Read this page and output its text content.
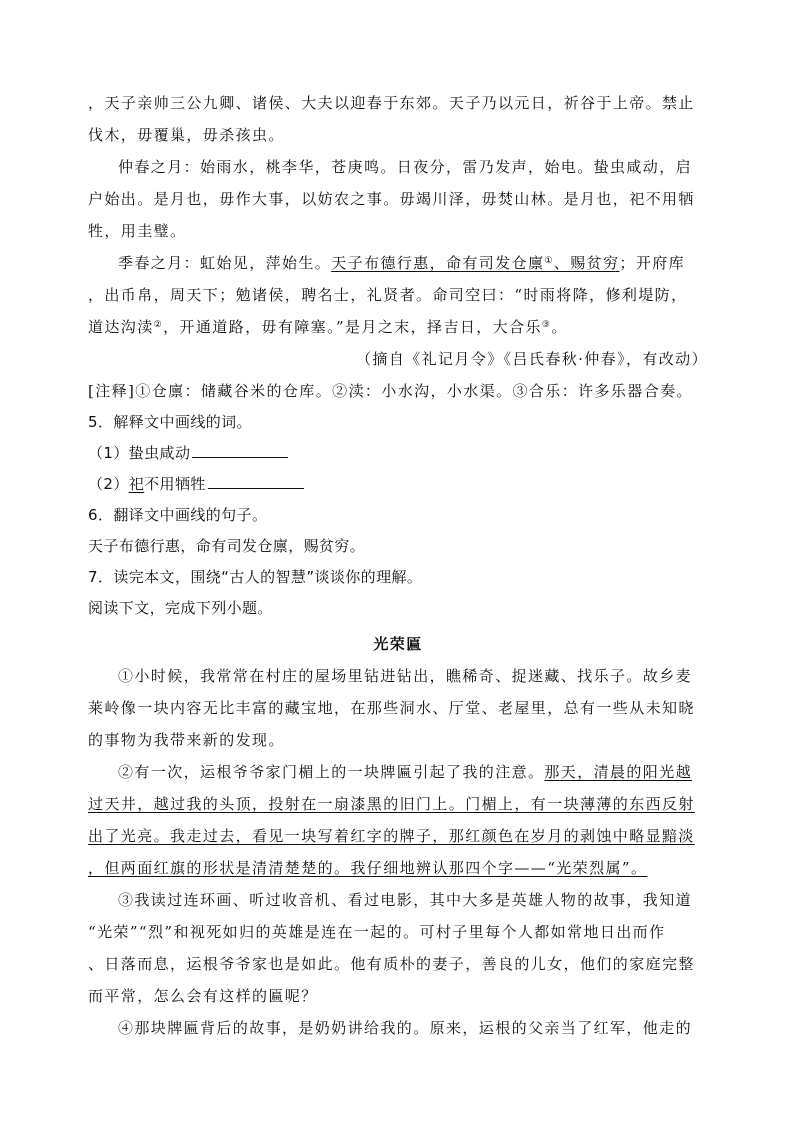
，天子亲帅三公九卿、诸侯、大夫以迎春于东郊。天子乃以元日，祈谷于上帝。禁止
伐木，毋覆巢，毋杀孩虫。
仲春之月：始雨水，桃李华，苍庚鸣。日夜分，雷乃发声，始电。蛰虫咸动，启
户始出。是月也，毋作大事，以妨农之事。毋竭川泽，毋焚山林。是月也，祀不用牺
牲，用圭璧。
季春之月：虹始见，萍始生。天子布德行惠，命有司发仓廪①、赐贫穷；开府库
，出币帛，周天下；勉诸侯，聘名士，礼贤者。命司空曰：“时雨将降，修利堤防，
道达沟渎②，开通道路，毋有障塞。”是月之末，择吉日，大合乐③。
（摘自《礼记月令》《吕氏春秋·仲春》，有改动）
[注释]①仓廪：储藏谷米的仓库。②渎：小水沟，小水渠。③合乐：许多乐器合奏。
5．解释文中画线的词。
（1）蛰虫咸动
（2）祀不用牺牲
6．翻译文中画线的句子。
天子布德行惠，命有司发仓廪，赐贫穷。
7．读完本文，围绕“古人的智慧”谈谈你的理解。
阅读下文，完成下列小题。
光荣匾
①小时候，我常常在村庄的屋场里钻进钻出，瞧稀奇、捉迷藏、找乐子。故乡麦
莱岭像一块内容无比丰富的藏宝地，在那些洞水、厅堂、老屋里，总有一些从未知晓
的事物为我带来新的发现。
②有一次，运根爷爷家门楣上的一块牌匾引起了我的注意。那天，清晨的阳光越
过天井，越过我的头顶，投射在一扇漆黑的旧门上。门楣上，有一块薄薄的东西反射
出了光亮。我走过去，看见一块写着红字的牌子，那红颜色在岁月的剥蚀中略显黯淡
，但两面红旗的形状是清清楚楚的。我仔细地辨认那四个字——“光荣烈属”。
③我读过连环画、听过收音机、看过电影，其中大多是英雄人物的故事，我知道
“光荣”“烈”和视死如归的英雄是连在一起的。可村子里每个人都如常地日出而作
、日落而息，运根爷爷家也是如此。他有质朴的妻子，善良的儿女，他们的家庭完整
而平常，怎么会有这样的匾呢？
④那块牌匾背后的故事，是奶奶讲给我的。原来，运根的父亲当了红军，他走的
